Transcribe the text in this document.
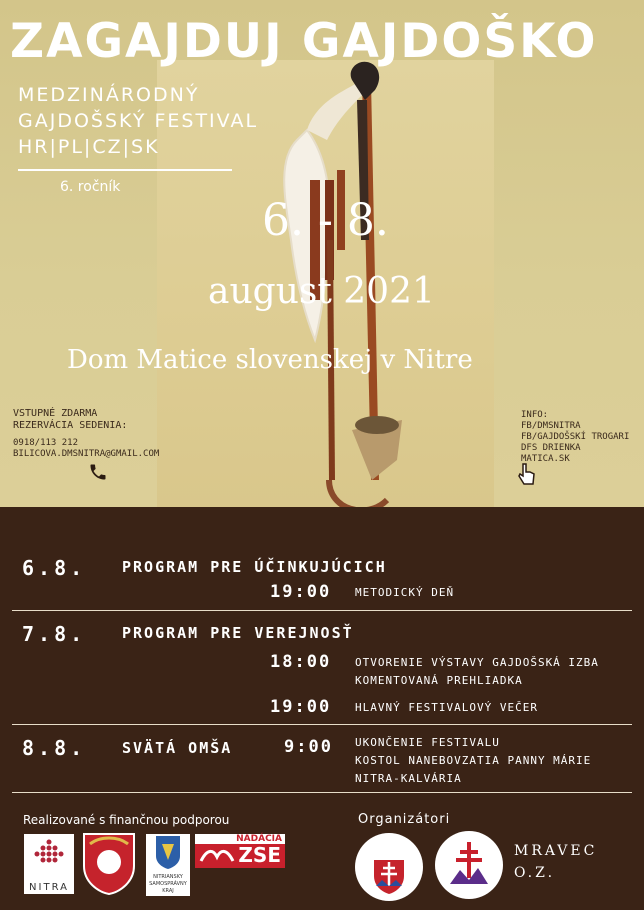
ZAGAJDUJ GAJDOŠKO
MEDZINÁRODNÝ
GAJDOŠSKÝ FESTIVAL
HR|PL|CZ|SK
6. ročník
6. - 8.
august 2021
Dom Matice slovenskej v Nitre
VSTUPNÉ ZDARMA
REZERVÁCIA SEDENIA:
0918/113 212
BILICOVA.DMSNITRA@GMAIL.COM
INFO:
FB/DMSNITRA
FB/GAJDOŠSKÍ TROGARI
DFS DRIENKA
MATICA.SK
6.8. PROGRAM PRE ÚČINKUJÚCICH
19:00 METODICKÝ DEŇ
7.8. PROGRAM PRE VEREJNOSŤ
18:00 OTVORENIE VÝSTAVY GAJDOŠSKÁ IZBA
KOMENTOVANÁ PREHLIADKA
19:00 HLAVNÝ FESTIVALOVÝ VEČER
8.8. SVÄTÁ OMŠA	9:00 UKONČENIE FESTIVALU
KOSTOL NANEBOVZATIA PANNY MÁRIE
NITRA-KALVÁRIA
Realizované s finančnou podporou
NITRA
NITRIANSKY
SAMOSPRÁVNY
KRAJ
NADÁCIA
ZSE
Organizátori
MRAVEC
O.Z.
